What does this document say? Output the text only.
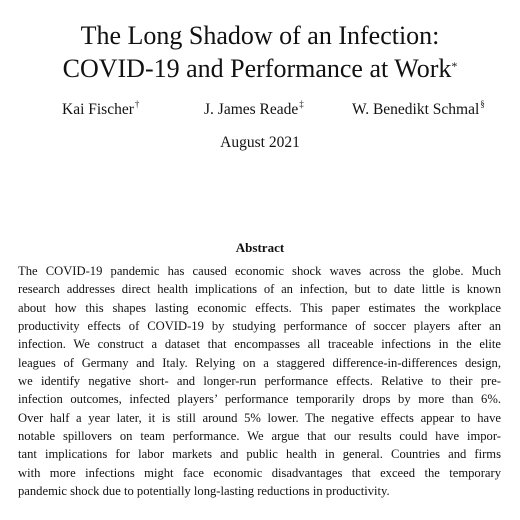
The Long Shadow of an Infection:
COVID-19 and Performance at Work*
Kai Fischer†	J. James Reade‡	W. Benedikt Schmal§
August 2021
Abstract
The COVID-19 pandemic has caused economic shock waves across the globe. Much
research addresses direct health implications of an infection, but to date little is known
about how this shapes lasting economic effects. This paper estimates the workplace
productivity effects of COVID-19 by studying performance of soccer players after an
infection. We construct a dataset that encompasses all traceable infections in the elite
leagues of Germany and Italy. Relying on a staggered difference-in-differences design,
we identify negative short- and longer-run performance effects. Relative to their pre-
infection outcomes, infected players’ performance temporarily drops by more than 6%.
Over half a year later, it is still around 5% lower. The negative effects appear to have
notable spillovers on team performance. We argue that our results could have impor-
tant implications for labor markets and public health in general. Countries and firms
with more infections might face economic disadvantages that exceed the temporary
pandemic shock due to potentially long-lasting reductions in productivity.
